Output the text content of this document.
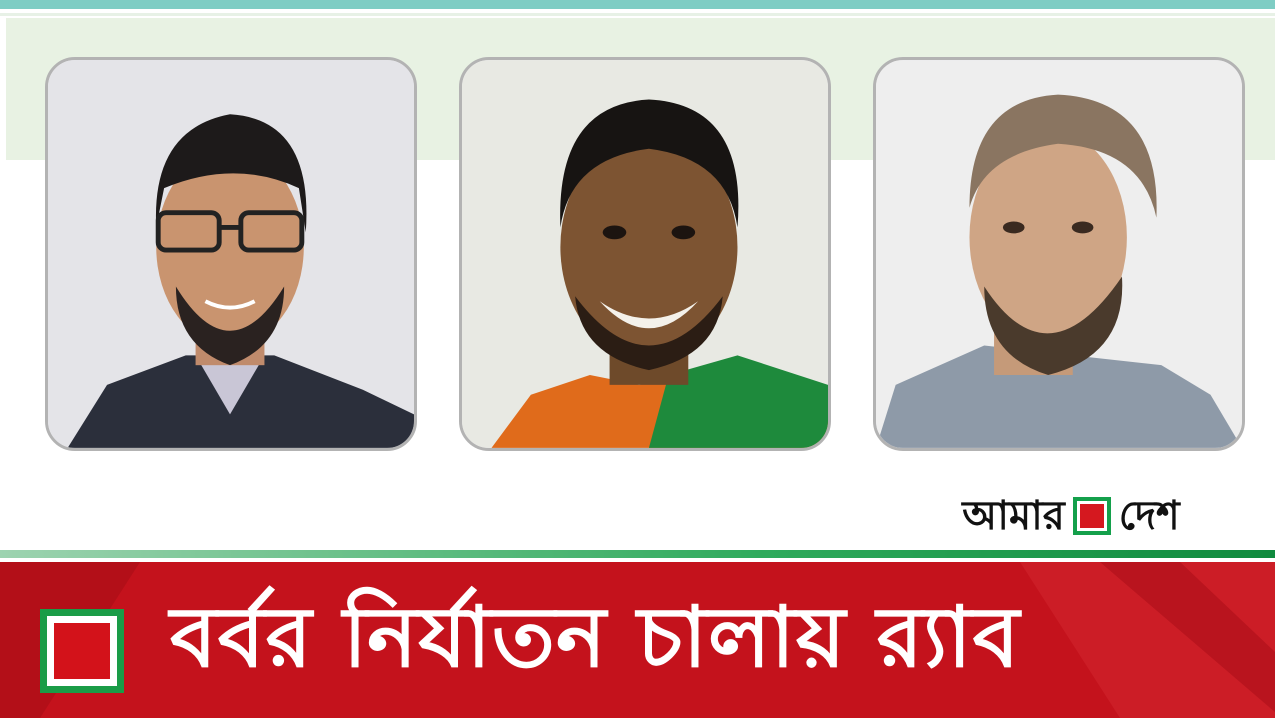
আমার দেশ
বর্বর নির্যাতন চালায় র‍্যাব
